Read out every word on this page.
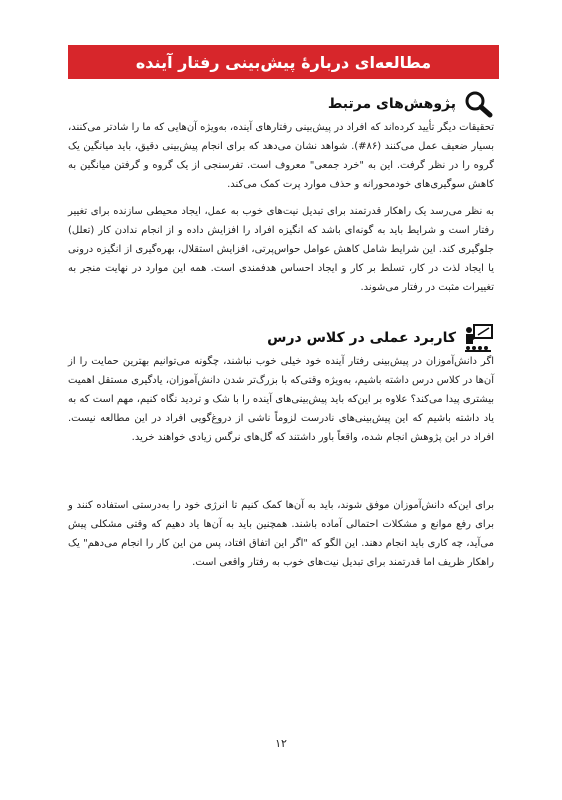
مطالعه‌ای دربارهٔ پیش‌بینی رفتار آینده
پژوهش‌های مرتبط

تحقیقات دیگر تأیید کرده‌اند که افراد در پیش‌بینی رفتارهای آینده، به‌ویژه آن‌هایی که ما را شاد‌تر می‌کنند، بسیار ضعیف عمل می‌کنند (۸۶#). شواهد نشان می‌دهد که برای انجام پیش‌بینی دقیق، باید میانگین یک گروه را در نظر گرفت. این به "خرد جمعی" معروف است. تفرسنجی از یک گروه و گرفتن میانگین به کاهش سوگیری‌های خودمحورانه و حذف موارد پرت کمک می‌کند.

به نظر می‌رسد یک راهکار قدرتمند برای تبدیل نیت‌های خوب به عمل، ایجاد محیطی سازنده برای تغییر رفتار است و شرایط باید به گونه‌ای باشد که انگیزه افراد را افزایش داده و از انجام ندادن کار (تعلل) جلوگیری کند. این شرایط شامل کاهش عوامل حواس‌پرتی، افزایش استقلال، بهره‌گیری از انگیزه درونی یا ایجاد لذت در کار، تسلط بر کار و ایجاد احساس هدفمندی است. همه این موارد در نهایت منجر به تغییرات مثبت در رفتار می‌شوند.

کاربرد عملی در کلاس درس

اگر دانش‌آموزان در پیش‌بینی رفتار آینده خود خیلی خوب نباشند، چگونه می‌توانیم بهترین حمایت را از آن‌ها در کلاس درس داشته باشیم، به‌ویژه وقتی‌که با بزرگ‌تر شدن دانش‌آموزان، یادگیری مستقل اهمیت بیشتری پیدا می‌کند؟ علاوه بر این‌که باید پیش‌بینی‌های آینده را با شک و تردید نگاه کنیم، مهم است که به یاد داشته باشیم که این پیش‌بینی‌های نادرست لزوماً ناشی از دروغ‌گویی افراد در این مطالعه نیست. افراد در این پژوهش انجام شده، واقعاً باور داشتند که گل‌های نرگس زیادی خواهند خرید.

برای این‌که دانش‌آموزان موفق شوند، باید به آن‌ها کمک کنیم تا انرژی خود را به‌درستی استفاده کنند و برای رفع موانع و مشکلات احتمالی آماده باشند. همچنین باید به آن‌ها یاد دهیم که وقتی مشکلی پیش می‌آید، چه کاری باید انجام دهند. این الگو که "اگر این اتفاق افتاد، پس من این کار را انجام می‌دهم" یک راهکار ظریف اما قدرتمند برای تبدیل نیت‌های خوب به رفتار واقعی است.

۱۲
